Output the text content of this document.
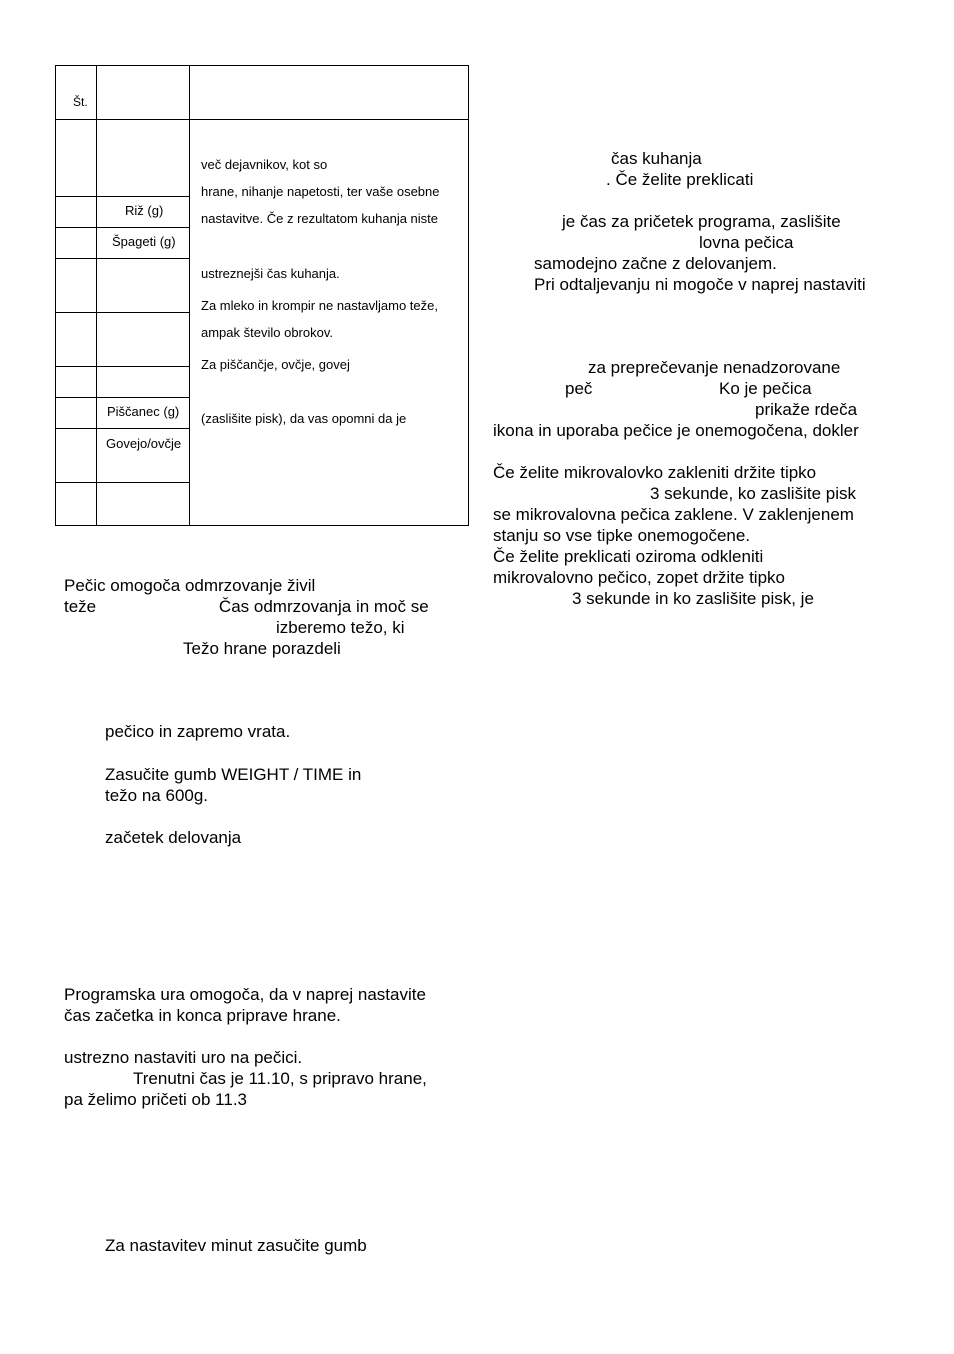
Št.
Riž (g)
Špageti (g)
Piščanec (g)
Govejo/ovčje
več dejavnikov, kot so
hrane, nihanje napetosti, ter vaše osebne
nastavitve. Če z rezultatom kuhanja niste
ustreznejši čas kuhanja.
Za mleko in krompir ne nastavljamo teže,
ampak število obrokov.
Za piščančje, ovčje, govej
(zaslišite pisk), da vas opomni da je
Pečic omogoča odmrzovanje živil
teže                          Čas odmrzovanja in moč se
izberemo težo, ki
Težo hrane porazdeli
pečico in zapremo vrata.
Zasučite gumb WEIGHT / TIME in
težo na 600g.
začetek delovanja
Programska ura omogoča, da v naprej nastavite
čas začetka in konca priprave hrane.
ustrezno nastaviti uro na pečici.
Trenutni čas je 11.10, s pripravo hrane,
pa želimo pričeti ob 11.3
Za nastavitev minut zasučite gumb
čas kuhanja
. Če želite preklicati
je čas za pričetek programa, zaslišite
lovna pečica
samodejno začne z delovanjem.
Pri odtaljevanju ni mogoče v naprej nastaviti
za preprečevanje nenadzorovane
peč	Ko je pečica
prikaže rdeča
ikona in uporaba pečice je onemogočena, dokler
Če želite mikrovalovko zakleniti držite tipko
3 sekunde, ko zaslišite pisk
se mikrovalovna pečica zaklene. V zaklenjenem
stanju so vse tipke onemogočene.
Če želite preklicati oziroma odkleniti
mikrovalovno pečico, zopet držite tipko
3 sekunde in ko zaslišite pisk, je
